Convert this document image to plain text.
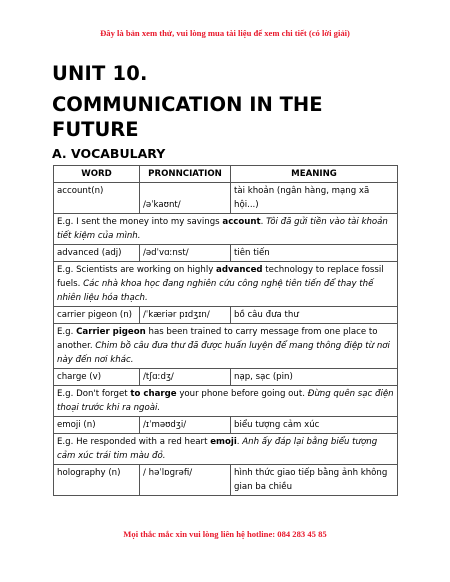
Đây là bản xem thử, vui lòng mua tài liệu để xem chi tiết (có lời giải)
UNIT 10.
COMMUNICATION IN THE FUTURE
A. VOCABULARY
WORD	PRONNCIATION	MEANING
account(n)	/əˈkaʊnt/	tài khoản (ngân hàng, mạng xã hội...)
E.g. I sent the money into my savings account. Tôi đã gửi tiền vào tài khoản tiết kiệm của mình.		
advanced (adj)	/ədˈvɑːnst/	tiên tiến
E.g. Scientists are working on highly advanced technology to replace fossil fuels. Các nhà khoa học đang nghiên cứu công nghệ tiên tiến để thay thế nhiên liệu hóa thạch.		
carrier pigeon (n)	/ˈkæriər pɪdʒɪn/	bồ câu đưa thư
E.g. Carrier pigeon has been trained to carry message from one place to another. Chim bồ câu đưa thư đã được huấn luyện để mang thông điệp từ nơi này đến nơi khác.		
charge (v)	/tʃɑːdʒ/	nạp, sạc (pin)
E.g. Don't forget to charge your phone before going out. Đừng quên sạc điện thoại trước khi ra ngoài.		
emoji (n)	/ɪˈməʊdʒi/	biểu tượng cảm xúc
E.g. He responded with a red heart emoji. Anh ấy đáp lại bằng biểu tượng cảm xúc trái tim màu đỏ.		
holography (n)	/ həˈlɒɡrəfi/	hình thức giao tiếp bằng ảnh không gian ba chiều
Mọi thắc mắc xin vui lòng liên hệ hotline: 084 283 45 85
